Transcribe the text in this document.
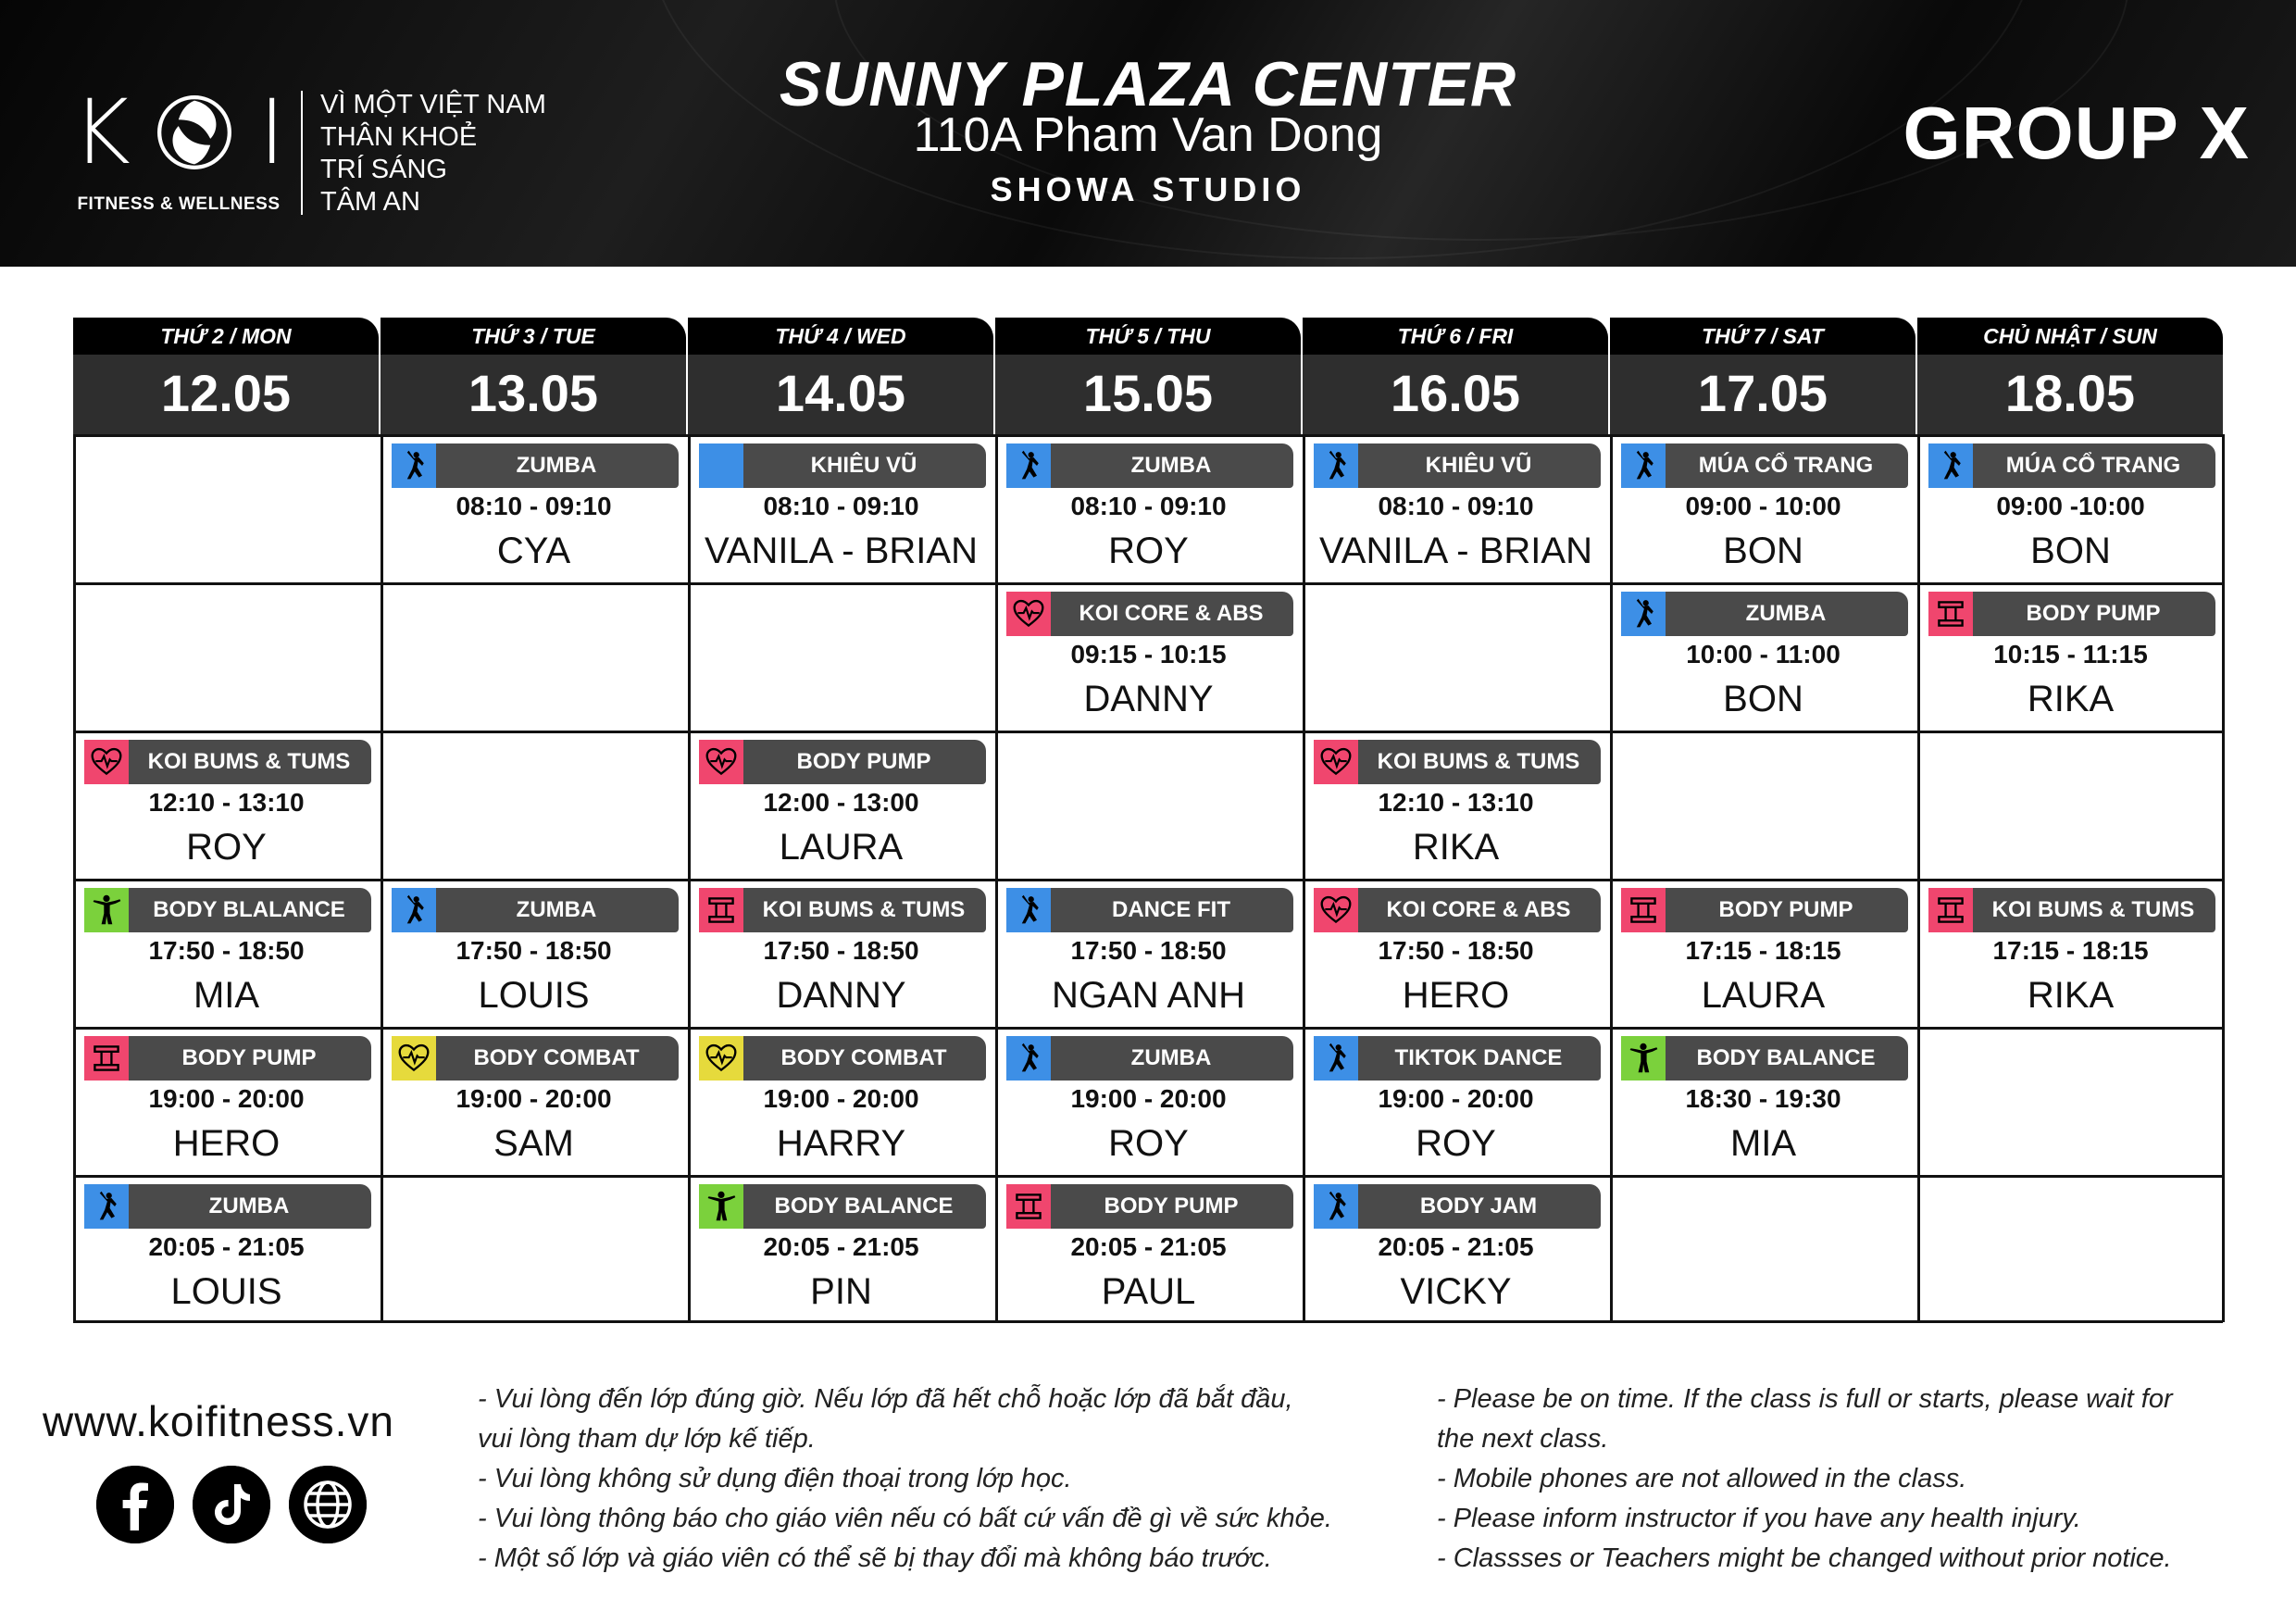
K I
FITNESS & WELLNESS
VÌ MỘT VIỆT NAM
THÂN KHOẺ
TRÍ SÁNG
TÂM AN
SUNNY PLAZA CENTER
110A Pham Van Dong
SHOWA STUDIO
GROUP X
THỨ 2 / MON
12.05
THỨ 3 / TUE
13.05
THỨ 4 / WED
14.05
THỨ 5 / THU
15.05
THỨ 6 / FRI
16.05
THỨ 7 / SAT
17.05
CHỦ NHẬT / SUN
18.05
ZUMBA
08:10 - 09:10
CYA
KHIÊU VŨ
08:10 - 09:10
VANILA - BRIAN
ZUMBA
08:10 - 09:10
ROY
KHIÊU VŨ
08:10 - 09:10
VANILA - BRIAN
MÚA CỔ TRANG
09:00 - 10:00
BON
MÚA CỔ TRANG
09:00 -10:00
BON
KOI CORE & ABS
09:15 - 10:15
DANNY
ZUMBA
10:00 - 11:00
BON
BODY PUMP
10:15 - 11:15
RIKA
KOI BUMS & TUMS
12:10 - 13:10
ROY
BODY PUMP
12:00 - 13:00
LAURA
KOI BUMS & TUMS
12:10 - 13:10
RIKA
BODY BLALANCE
17:50 - 18:50
MIA
ZUMBA
17:50 - 18:50
LOUIS
KOI BUMS & TUMS
17:50 - 18:50
DANNY
DANCE FIT
17:50 - 18:50
NGAN ANH
KOI CORE & ABS
17:50 - 18:50
HERO
BODY PUMP
17:15 - 18:15
LAURA
KOI BUMS & TUMS
17:15 - 18:15
RIKA
BODY PUMP
19:00 - 20:00
HERO
BODY COMBAT
19:00 - 20:00
SAM
BODY COMBAT
19:00 - 20:00
HARRY
ZUMBA
19:00 - 20:00
ROY
TIKTOK DANCE
19:00 - 20:00
ROY
BODY BALANCE
18:30 - 19:30
MIA
ZUMBA
20:05 - 21:05
LOUIS
BODY BALANCE
20:05 - 21:05
PIN
BODY PUMP
20:05 - 21:05
PAUL
BODY JAM
20:05 - 21:05
VICKY
www.koifitness.vn	- Vui lòng đến lớp đúng giờ. Nếu lớp đã hết chỗ hoặc lớp đã bắt đầu,
vui lòng tham dự lớp kế tiếp.
- Vui lòng không sử dụng điện thoại trong lớp học.
- Vui lòng thông báo cho giáo viên nếu có bất cứ vấn đề gì về sức khỏe.
- Một số lớp và giáo viên có thể sẽ bị thay đổi mà không báo trước.
- Please be on time. If the class is full or starts, please wait for
the next class.
- Mobile phones are not allowed in the class.
- Please inform instructor if you have any health injury.
- Classses or Teachers might be changed without prior notice.
